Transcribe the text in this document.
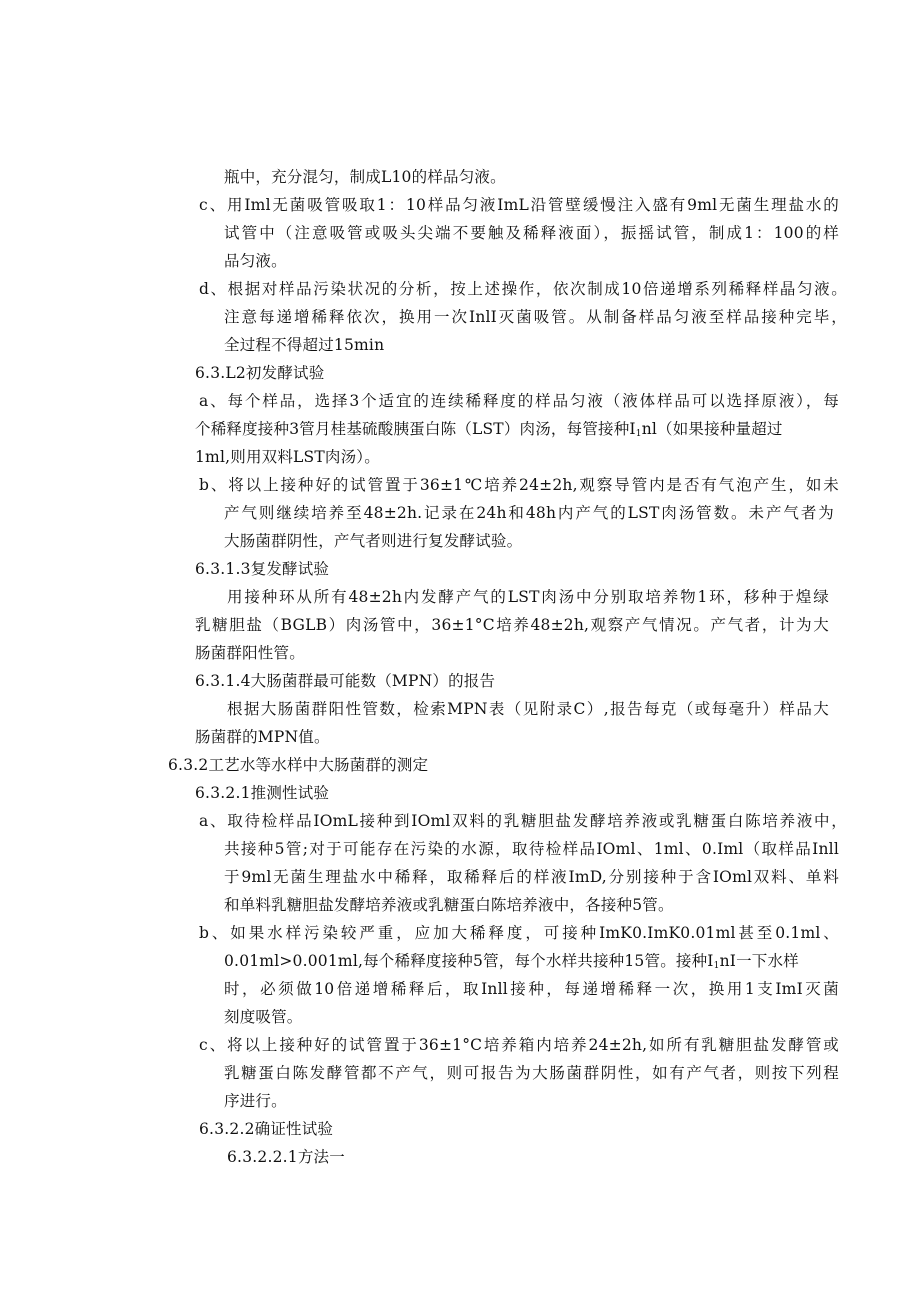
瓶中，充分混匀，制成L10的样品匀液。
c、用Iml无菌吸管吸取1：10样品匀液ImL沿管壁缓慢注入盛有9ml无菌生理盐水的
试管中（注意吸管或吸头尖端不要触及稀释液面），振摇试管，制成1：100的样
品匀液。
d、根据对样品污染状况的分析，按上述操作，依次制成10倍递增系列稀释样晶匀液。
注意每递增稀释依次，换用一次InlI灭菌吸管。从制备样品匀液至样品接种完毕，
全过程不得超过15min
6.3.L2初发酵试验
a、每个样品，选择3个适宜的连续稀释度的样品匀液（液体样品可以选择原液），每
个稀释度接种3管月桂基硫酸胰蛋白陈（LST）肉汤，每管接种$I_1nl$（如果接种量超过
1ml,则用双料LST肉汤）。
b、将以上接种好的试管置于36±1℃培养24±2h,观察导管内是否有气泡产生，如未
产气则继续培养至48±2h.记录在24h和48h内产气的LST肉汤管数。未产气者为
大肠菌群阴性，产气者则进行复发酵试验。
6.3.1.3复发酵试验
用接种环从所有48±2h内发酵产气的LST肉汤中分别取培养物1环，移种于煌绿
乳糖胆盐（BGLB）肉汤管中，36±1°C培养48±2h,观察产气情况。产气者，计为大
肠菌群阳性管。
6.3.1.4大肠菌群最可能数（MPN）的报告
根据大肠菌群阳性管数，检索MPN表（见附录C）,报告每克（或每毫升）样品大
肠菌群的MPN值。
6.3.2工艺水等水样中大肠菌群的测定
6.3.2.1推测性试验
a、取待检样品IOmL接种到IOml双料的乳糖胆盐发酵培养液或乳糖蛋白陈培养液中，
共接种5管;对于可能存在污染的水源，取待检样品IOml、1ml、0.Iml（取样品Inll
于9ml无菌生理盐水中稀释，取稀释后的样液ImD,分别接种于含IOml双料、单料
和单料乳糖胆盐发酵培养液或乳糖蛋白陈培养液中，各接种5管。
b、如果水样污染较严重，应加大稀释度，可接种ImK0.ImK0.01ml甚至0.1ml、
0.01ml>0.001ml,每个稀释度接种5管，每个水样共接种15管。接种$I_1nI$一下水样
时，必须做10倍递增稀释后，取Inll接种，每递增稀释一次，换用1支ImI灭菌
刻度吸管。
c、将以上接种好的试管置于36±1°C培养箱内培养24±2h,如所有乳糖胆盐发酵管或
乳糖蛋白陈发酵管都不产气，则可报告为大肠菌群阴性，如有产气者，则按下列程
序进行。
6.3.2.2确证性试验
6.3.2.2.1方法一
